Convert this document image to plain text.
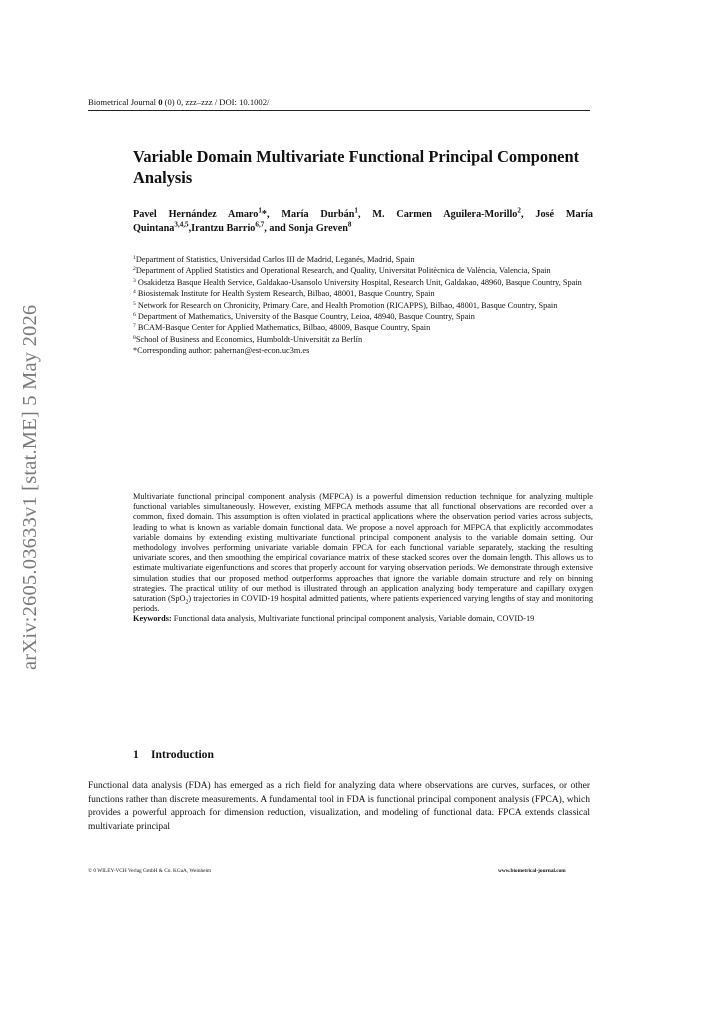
Biometrical Journal 0 (0) 0, zzz–zzz / DOI: 10.1002/
arXiv:2605.03633v1 [stat.ME] 5 May 2026
Variable Domain Multivariate Functional Principal Component Analysis
Pavel Hernández Amaro$^1$*, María Durbán$^1$, M. Carmen Aguilera-Morillo$^2$, José María Quintana$^{3,4,5}$,Irantzu Barrio$^{6,7}$, and Sonja Greven$^8$

$^1$Department of Statistics, Universidad Carlos III de Madrid, Leganés, Madrid, Spain

$^2$Department of Applied Statistics and Operational Research, and Quality, Universitat Politècnica de València, Valencia, Spain

$^3$ Osakidetza Basque Health Service, Galdakao-Usansolo University Hospital, Research Unit, Galdakao, 48960, Basque Country, Spain

$^4$ Biosistemak Institute for Health System Research, Bilbao, 48001, Basque Country, Spain

$^5$ Network for Research on Chronicity, Primary Care, and Health Promotion (RICAPPS), Bilbao, 48001, Basque Country, Spain

$^6$ Department of Mathematics, University of the Basque Country, Leioa, 48940, Basque Country, Spain

$^7$ BCAM-Basque Center for Applied Mathematics, Bilbao, 48009, Basque Country, Spain

$^8$School of Business and Economics, Humboldt-Universität za Berlín

*Corresponding author: pahernan@est-econ.uc3m.es

Multivariate functional principal component analysis (MFPCA) is a powerful dimension reduction technique for analyzing multiple functional variables simultaneously. However, existing MFPCA methods assume that all functional observations are recorded over a common, fixed domain. This assumption is often violated in practical applications where the observation period varies across subjects, leading to what is known as variable domain functional data. We propose a novel approach for MFPCA that explicitly accommodates variable domains by extending existing multivariate functional principal component analysis to the variable domain setting. Our methodology involves performing univariate variable domain FPCA for each functional variable separately, stacking the resulting univariate scores, and then smoothing the empirical covariance matrix of these stacked scores over the domain length. This allows us to estimate multivariate eigenfunctions and scores that properly account for varying observation periods. We demonstrate through extensive simulation studies that our proposed method outperforms approaches that ignore the variable domain structure and rely on binning strategies. The practical utility of our method is illustrated through an application analyzing body temperature and capillary oxygen saturation (SpO$_2$) trajectories in COVID-19 hospital admitted patients, where patients experienced varying lengths of stay and monitoring periods.

Keywords: Functional data analysis, Multivariate functional principal component analysis, Variable domain, COVID-19

1 Introduction

Functional data analysis (FDA) has emerged as a rich field for analyzing data where observations are curves, surfaces, or other functions rather than discrete measurements. A fundamental tool in FDA is functional principal component analysis (FPCA), which provides a powerful approach for dimension reduction, visualization, and modeling of functional data. FPCA extends classical multivariate principal

© 0 WILEY-VCH Verlag GmbH & Co. KGaA, Weinheim	www.biometrical-journal.com
